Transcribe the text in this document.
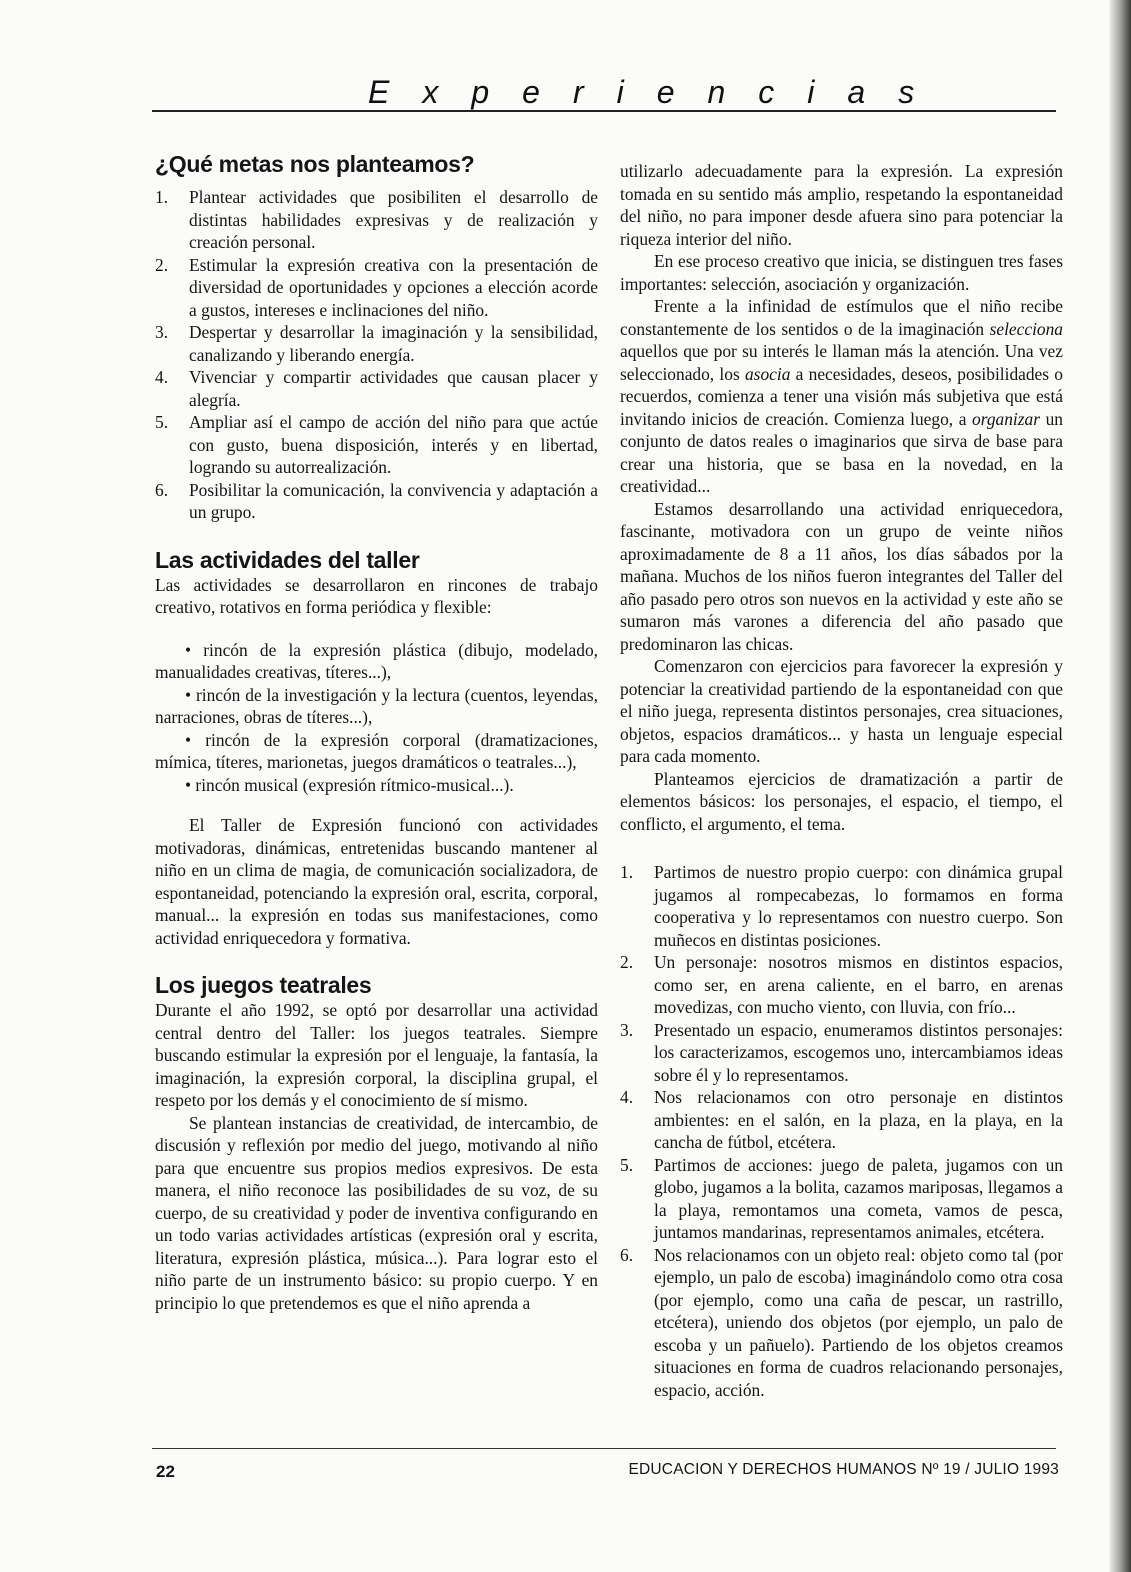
Experiencias
¿Qué metas nos planteamos?
1. Plantear actividades que posibiliten el desarrollo de distintas habilidades expresivas y de realización y creación personal.
2. Estimular la expresión creativa con la presentación de diversidad de oportunidades y opciones a elección acorde a gustos, intereses e inclinaciones del niño.
3. Despertar y desarrollar la imaginación y la sensibilidad, canalizando y liberando energía.
4. Vivenciar y compartir actividades que causan placer y alegría.
5. Ampliar así el campo de acción del niño para que actúe con gusto, buena disposición, interés y en libertad, logrando su autorrealización.
6. Posibilitar la comunicación, la convivencia y adaptación a un grupo.
Las actividades del taller

Las actividades se desarrollaron en rincones de trabajo creativo, rotativos en forma periódica y flexible:

• rincón de la expresión plástica (dibujo, modelado, manualidades creativas, títeres...),

• rincón de la investigación y la lectura (cuentos, leyendas, narraciones, obras de títeres...),

• rincón de la expresión corporal (dramatizaciones, mímica, títeres, marionetas, juegos dramáticos o teatrales...),

• rincón musical (expresión rítmico-musical...).

El Taller de Expresión funcionó con actividades motivadoras, dinámicas, entretenidas buscando mantener al niño en un clima de magia, de comunicación socializadora, de espontaneidad, potenciando la expresión oral, escrita, corporal, manual... la expresión en todas sus manifestaciones, como actividad enriquecedora y formativa.

Los juegos teatrales

Durante el año 1992, se optó por desarrollar una actividad central dentro del Taller: los juegos teatrales. Siempre buscando estimular la expresión por el lenguaje, la fantasía, la imaginación, la expresión corporal, la disciplina grupal, el respeto por los demás y el conocimiento de sí mismo.

Se plantean instancias de creatividad, de intercambio, de discusión y reflexión por medio del juego, motivando al niño para que encuentre sus propios medios expresivos. De esta manera, el niño reconoce las posibilidades de su voz, de su cuerpo, de su creatividad y poder de inventiva configurando en un todo varias actividades artísticas (expresión oral y escrita, literatura, expresión plástica, música...). Para lograr esto el niño parte de un instrumento básico: su propio cuerpo. Y en principio lo que pretendemos es que el niño aprenda a

utilizarlo adecuadamente para la expresión. La expresión tomada en su sentido más amplio, respetando la espontaneidad del niño, no para imponer desde afuera sino para potenciar la riqueza interior del niño.

En ese proceso creativo que inicia, se distinguen tres fases importantes: selección, asociación y organización.

Frente a la infinidad de estímulos que el niño recibe constantemente de los sentidos o de la imaginación selecciona aquellos que por su interés le llaman más la atención. Una vez seleccionado, los asocia a necesidades, deseos, posibilidades o recuerdos, comienza a tener una visión más subjetiva que está invitando inicios de creación. Comienza luego, a organizar un conjunto de datos reales o imaginarios que sirva de base para crear una historia, que se basa en la novedad, en la creatividad...

Estamos desarrollando una actividad enriquecedora, fascinante, motivadora con un grupo de veinte niños aproximadamente de 8 a 11 años, los días sábados por la mañana. Muchos de los niños fueron integrantes del Taller del año pasado pero otros son nuevos en la actividad y este año se sumaron más varones a diferencia del año pasado que predominaron las chicas.

Comenzaron con ejercicios para favorecer la expresión y potenciar la creatividad partiendo de la espontaneidad con que el niño juega, representa distintos personajes, crea situaciones, objetos, espacios dramáticos... y hasta un lenguaje especial para cada momento.

Planteamos ejercicios de dramatización a partir de elementos básicos: los personajes, el espacio, el tiempo, el conflicto, el argumento, el tema.

1. Partimos de nuestro propio cuerpo: con dinámica grupal jugamos al rompecabezas, lo formamos en forma cooperativa y lo representamos con nuestro cuerpo. Son muñecos en distintas posiciones.
2. Un personaje: nosotros mismos en distintos espacios, como ser, en arena caliente, en el barro, en arenas movedizas, con mucho viento, con lluvia, con frío...
3. Presentado un espacio, enumeramos distintos personajes: los caracterizamos, escogemos uno, intercambiamos ideas sobre él y lo representamos.
4. Nos relacionamos con otro personaje en distintos ambientes: en el salón, en la plaza, en la playa, en la cancha de fútbol, etcétera.
5. Partimos de acciones: juego de paleta, jugamos con un globo, jugamos a la bolita, cazamos mariposas, llegamos a la playa, remontamos una cometa, vamos de pesca, juntamos mandarinas, representamos animales, etcétera.
6. Nos relacionamos con un objeto real: objeto como tal (por ejemplo, un palo de escoba) imaginándolo como otra cosa (por ejemplo, como una caña de pescar, un rastrillo, etcétera), uniendo dos objetos (por ejemplo, un palo de escoba y un pañuelo). Partiendo de los objetos creamos situaciones en forma de cuadros relacionando personajes, espacio, acción.
22	EDUCACION Y DERECHOS HUMANOS Nº 19 / JULIO 1993
